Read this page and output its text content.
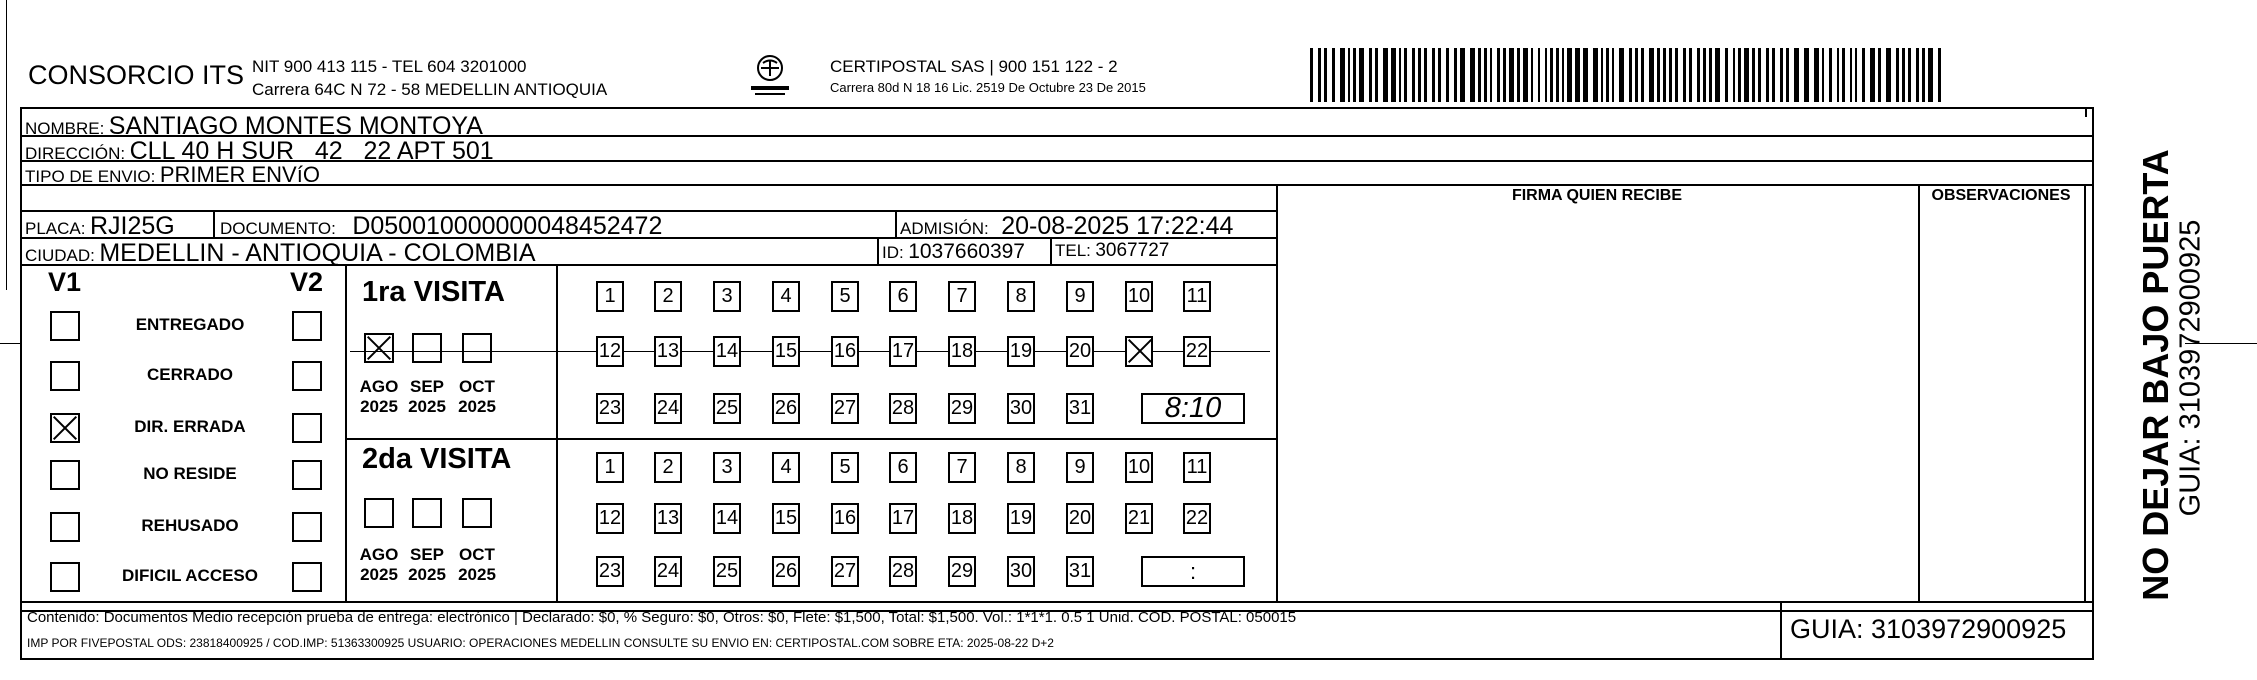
CONSORCIO ITS NIT 900 413 115 - TEL 604 3201000
Carrera 64C N 72 - 58 MEDELLIN ANTIOQUIA
CERTIPOSTAL SAS | 900 151 122 - 2
Carrera 80d N 18 16 Lic. 2519 De Octubre 23 De 2015
NOMBRE: SANTIAGO MONTES MONTOYA
DIRECCIÓN: CLL 40 H SUR   42   22 APT 501
TIPO DE ENVIO: PRIMER ENVíO
FIRMA QUIEN RECIBE	OBSERVACIONES
PLACA: RJI25G	DOCUMENTO: D050010000000048452472	ADMISIÓN: 20-08-2025 17:22:44
CIUDAD: MEDELLIN - ANTIOQUIA - COLOMBIA	ID: 1037660397 TEL: 3067727
V1	V2 1ra VISITA
2da VISITA
Contenido: Documentos Medio recepción prueba de entrega: electrónico | Declarado: $0, % Seguro: $0, Otros: $0, Flete: $1,500, Total: $1,500. Vol.: 1*1*1. 0.5 1 Unid. COD. POSTAL: 050015
IMP POR FIVEPOSTAL ODS: 23818400925 / COD.IMP: 51363300925 USUARIO: OPERACIONES MEDELLIN CONSULTE SU ENVIO EN: CERTIPOSTAL.COM SOBRE ETA: 2025-08-22 D+2	GUIA: 3103972900925
NO DEJAR BAJO PUERTA
GUIA: 3103972900925
ENTREGADO
CERRADO
DIR. ERRADA
NO RESIDE
REHUSADO
DIFICIL ACCESO
AGO
2025
SEP
2025
OCT
2025
AGO
2025
SEP
2025
OCT
2025
1	2	3	4	5	6	7	8	9	10 11
12 13 14 15 16 17 18 19 20	22
23 24 25 26 27 28 29 30 31	8:10
1	2	3	4	5	6	7	8	9	10 11
12 13 14 15 16 17 18 19 20 21 22
23 24 25 26 27 28 29 30 31	:
